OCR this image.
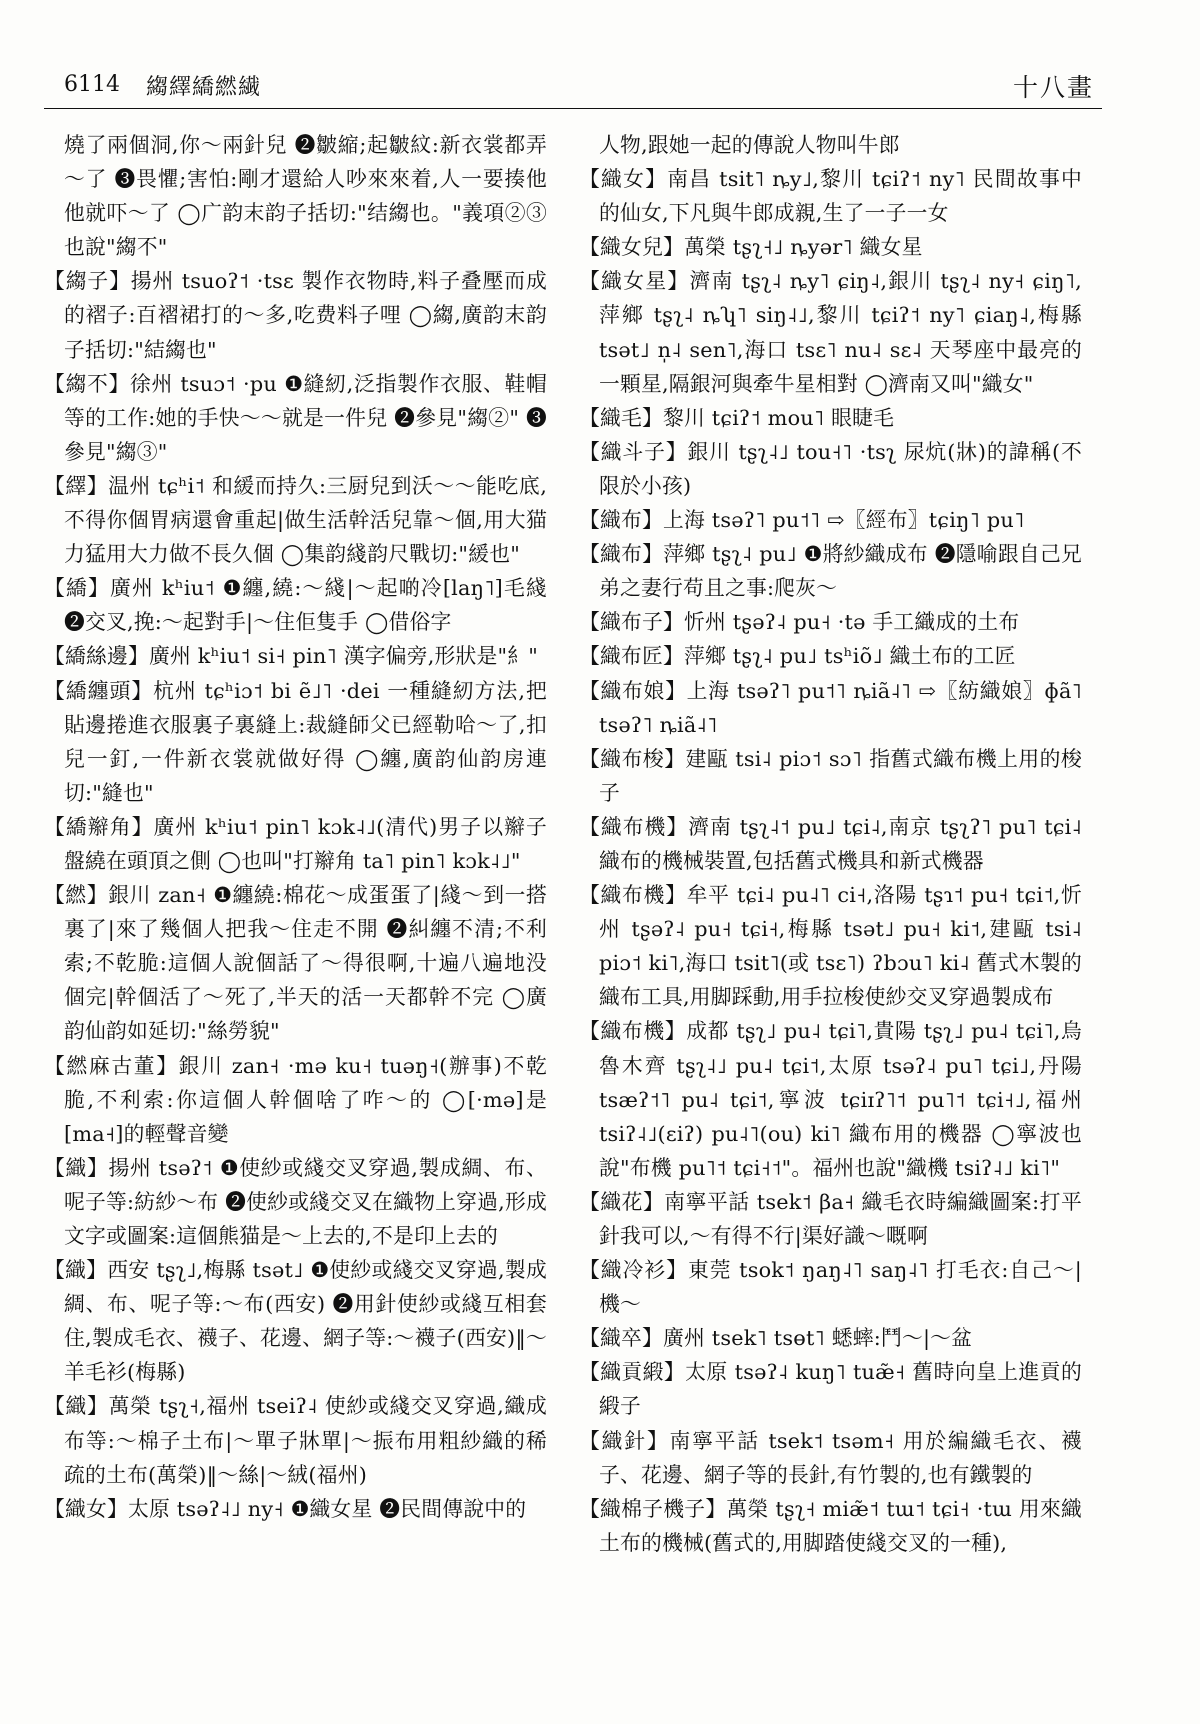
6114 縐繹繑繎繊	十八畫

燒了兩個洞,你～兩針兒 ❷皺縮;起皺紋:新衣裳都弄～了 ❸畏懼;害怕:剛才還給人吵來來着,人一要揍他他就吓～了 ◯广韵末韵子括切:"结縐也。"義項②③也說"縐不"

【縐子】揚州 tsuoʔ˦ ·tsɛ 製作衣物時,料子叠壓而成的褶子:百褶裙打的～多,吃费料子哩 ◯縐,廣韵末韵子括切:"結縐也"

【縐不】徐州 tsuɔ˦ ·pu ❶縫紉,泛指製作衣服、鞋帽等的工作:她的手快～～就是一件兒 ❷參見"縐②" ❸參見"縐③"

【繹】温州 tɕʰi˦ 和緩而持久:三厨兒到沃～～能吃底,不得你個胃病還會重起|做生活幹活兒靠～個,用大猫力猛用大力做不長久個 ◯集韵綫韵尺戰切:"緩也"

【繑】廣州 kʰiu˦ ❶纏,繞:～綫|～起啲冷[laŋ˥]毛綫 ❷交叉,挽:～起對手|～住佢隻手 ◯借俗字

【繑絲邊】廣州 kʰiu˦ si˧ pin˥ 漢字偏旁,形狀是"糹"

【繑纏頭】杭州 tɕʰiɔ˦ bi ẽ˩˥ ·dei 一種縫紉方法,把貼邊捲進衣服裏子裏縫上:裁縫師父已經勒哈～了,扣兒一釘,一件新衣裳就做好得 ◯纏,廣韵仙韵房連切:"縫也"

【繑辮角】廣州 kʰiu˦ pin˥ kɔk˨˩(清代)男子以辮子盤繞在頭頂之側 ◯也叫"打辮角 ta˥ pin˥ kɔk˨˩"

【繎】銀川 zan˧ ❶纏繞:棉花～成蛋蛋了|綫～到一搭裏了|來了幾個人把我～住走不開 ❷糾纏不清;不利索;不乾脆:這個人說個話了～得很啊,十遍八遍地没個完|幹個活了～死了,半天的活一天都幹不完 ◯廣韵仙韵如延切:"絲勞貌"

【繎麻古董】銀川 zan˧ ·mə ku˧ tuəŋ˧(辦事)不乾脆,不利索:你這個人幹個啥了咋～的 ◯[·mə]是[ma˧]的輕聲音變

【織】揚州 tsəʔ˦ ❶使紗或綫交叉穿過,製成綢、布、呢子等:紡紗～布 ❷使紗或綫交叉在織物上穿過,形成文字或圖案:這個熊猫是～上去的,不是印上去的

【織】西安 tʂʅ˩,梅縣 tsət˩ ❶使紗或綫交叉穿過,製成綢、布、呢子等:～布(西安) ❷用針使紗或綫互相套住,製成毛衣、襪子、花邊、網子等:～襪子(西安)‖～羊毛衫(梅縣)

【織】萬榮 tʂʅ˧,福州 tseiʔ˨ 使紗或綫交叉穿過,織成布等:～棉子土布|～單子牀單|～振布用粗紗織的稀疏的土布(萬榮)‖～絲|～絨(福州)

【織女】太原 tsəʔ˨˩ ny˧ ❶織女星 ❷民間傳說中的

人物,跟她一起的傳說人物叫牛郎

【織女】南昌 tsit˥ ȵy˩,黎川 tɕiʔ˦ ny˥ 民間故事中的仙女,下凡與牛郎成親,生了一子一女

【織女兒】萬榮 tʂʅ˧˩ ȵyər˥ 織女星

【織女星】濟南 tʂʅ˨ ȵy˥ ɕiŋ˨,銀川 tʂʅ˨ ny˧ ɕiŋ˥,萍鄉 tʂʅ˨ ȵʮ˥ siŋ˨˩,黎川 tɕiʔ˦ ny˥ ɕiaŋ˨,梅縣 tsət˩ n̩˨ sen˥,海口 tsɛ˥ nu˨ sɛ˨ 天琴座中最亮的一顆星,隔銀河與牽牛星相對 ◯濟南又叫"織女"

【織毛】黎川 tɕiʔ˦ mou˥ 眼睫毛

【織斗子】銀川 tʂʅ˨˩ tou˧˥ ·tsʅ 尿炕(牀)的諱稱(不限於小孩)

【織布】上海 tsəʔ˥ pu˦˥ ⇨〖經布〗tɕiŋ˥ pu˥

【織布】萍鄉 tʂʅ˨ pu˩ ❶將紗織成布 ❷隱喻跟自己兄弟之妻行苟且之事:爬灰～

【織布子】忻州 tʂəʔ˨ pu˧ ·tə 手工織成的土布

【織布匠】萍鄉 tʂʅ˨ pu˩ tsʰiõ˩ 織土布的工匠

【織布娘】上海 tsəʔ˥ pu˦˥ ȵiã˨˥ ⇨〖紡織娘〗ɸã˥ tsəʔ˥ ȵiã˨˥

【織布梭】建甌 tsi˨ piɔ˦ sɔ˥ 指舊式織布機上用的梭子

【織布機】濟南 tʂʅ˨˦ pu˩ tɕi˨,南京 tʂʅʔ˥ pu˥ tɕi˨ 織布的機械裝置,包括舊式機具和新式機器

【織布機】牟平 tɕi˨ pu˨˥ ci˧,洛陽 tʂɿ˦ pu˧ tɕi˦,忻州 tʂəʔ˨ pu˧ tɕi˧,梅縣 tsət˩ pu˧ ki˦,建甌 tsi˨ piɔ˦ ki˥,海口 tsit˥(或 tsɛ˥) ʔbɔu˥ ki˨ 舊式木製的織布工具,用脚踩動,用手拉梭使紗交叉穿過製成布

【織布機】成都 tʂʅ˩ pu˨ tɕi˥,貴陽 tʂʅ˩ pu˨ tɕi˥,烏魯木齊 tʂʅ˨˩ pu˨ tɕi˦,太原 tsəʔ˨ pu˥ tɕi˩,丹陽 tsæʔ˦˥ pu˨ tɕi˦,寧波 tɕiɪʔ˥˦ pu˥˦ tɕi˧˩,福州 tsiʔ˨˩(ɛiʔ) pu˨˥(ou) ki˥ 織布用的機器 ◯寧波也說"布機 pu˥˦ tɕi˧˦"。福州也說"織機 tsiʔ˨˩ ki˥"

【織花】南寧平話 tsek˦ βa˧ 織毛衣時編織圖案:打平針我可以,～有得不行|渠好識～嘅啊

【織冷衫】東莞 tsok˦ ŋaŋ˨˥ saŋ˨˥ 打毛衣:自己～|機～

【織卒】廣州 tsek˥ tsɵt˥ 蟋蟀:鬥～|～盆

【織貢緞】太原 tsəʔ˨ kuŋ˥ tuæ̃˧ 舊時向皇上進貢的緞子

【織針】南寧平話 tsek˦ tsəm˧ 用於編織毛衣、襪子、花邊、網子等的長針,有竹製的,也有鐵製的

【織棉子機子】萬榮 tʂʅ˧ miæ̃˦ tɯ˦ tɕi˧ ·tɯ 用來織土布的機械(舊式的,用脚踏使綫交叉的一種),
